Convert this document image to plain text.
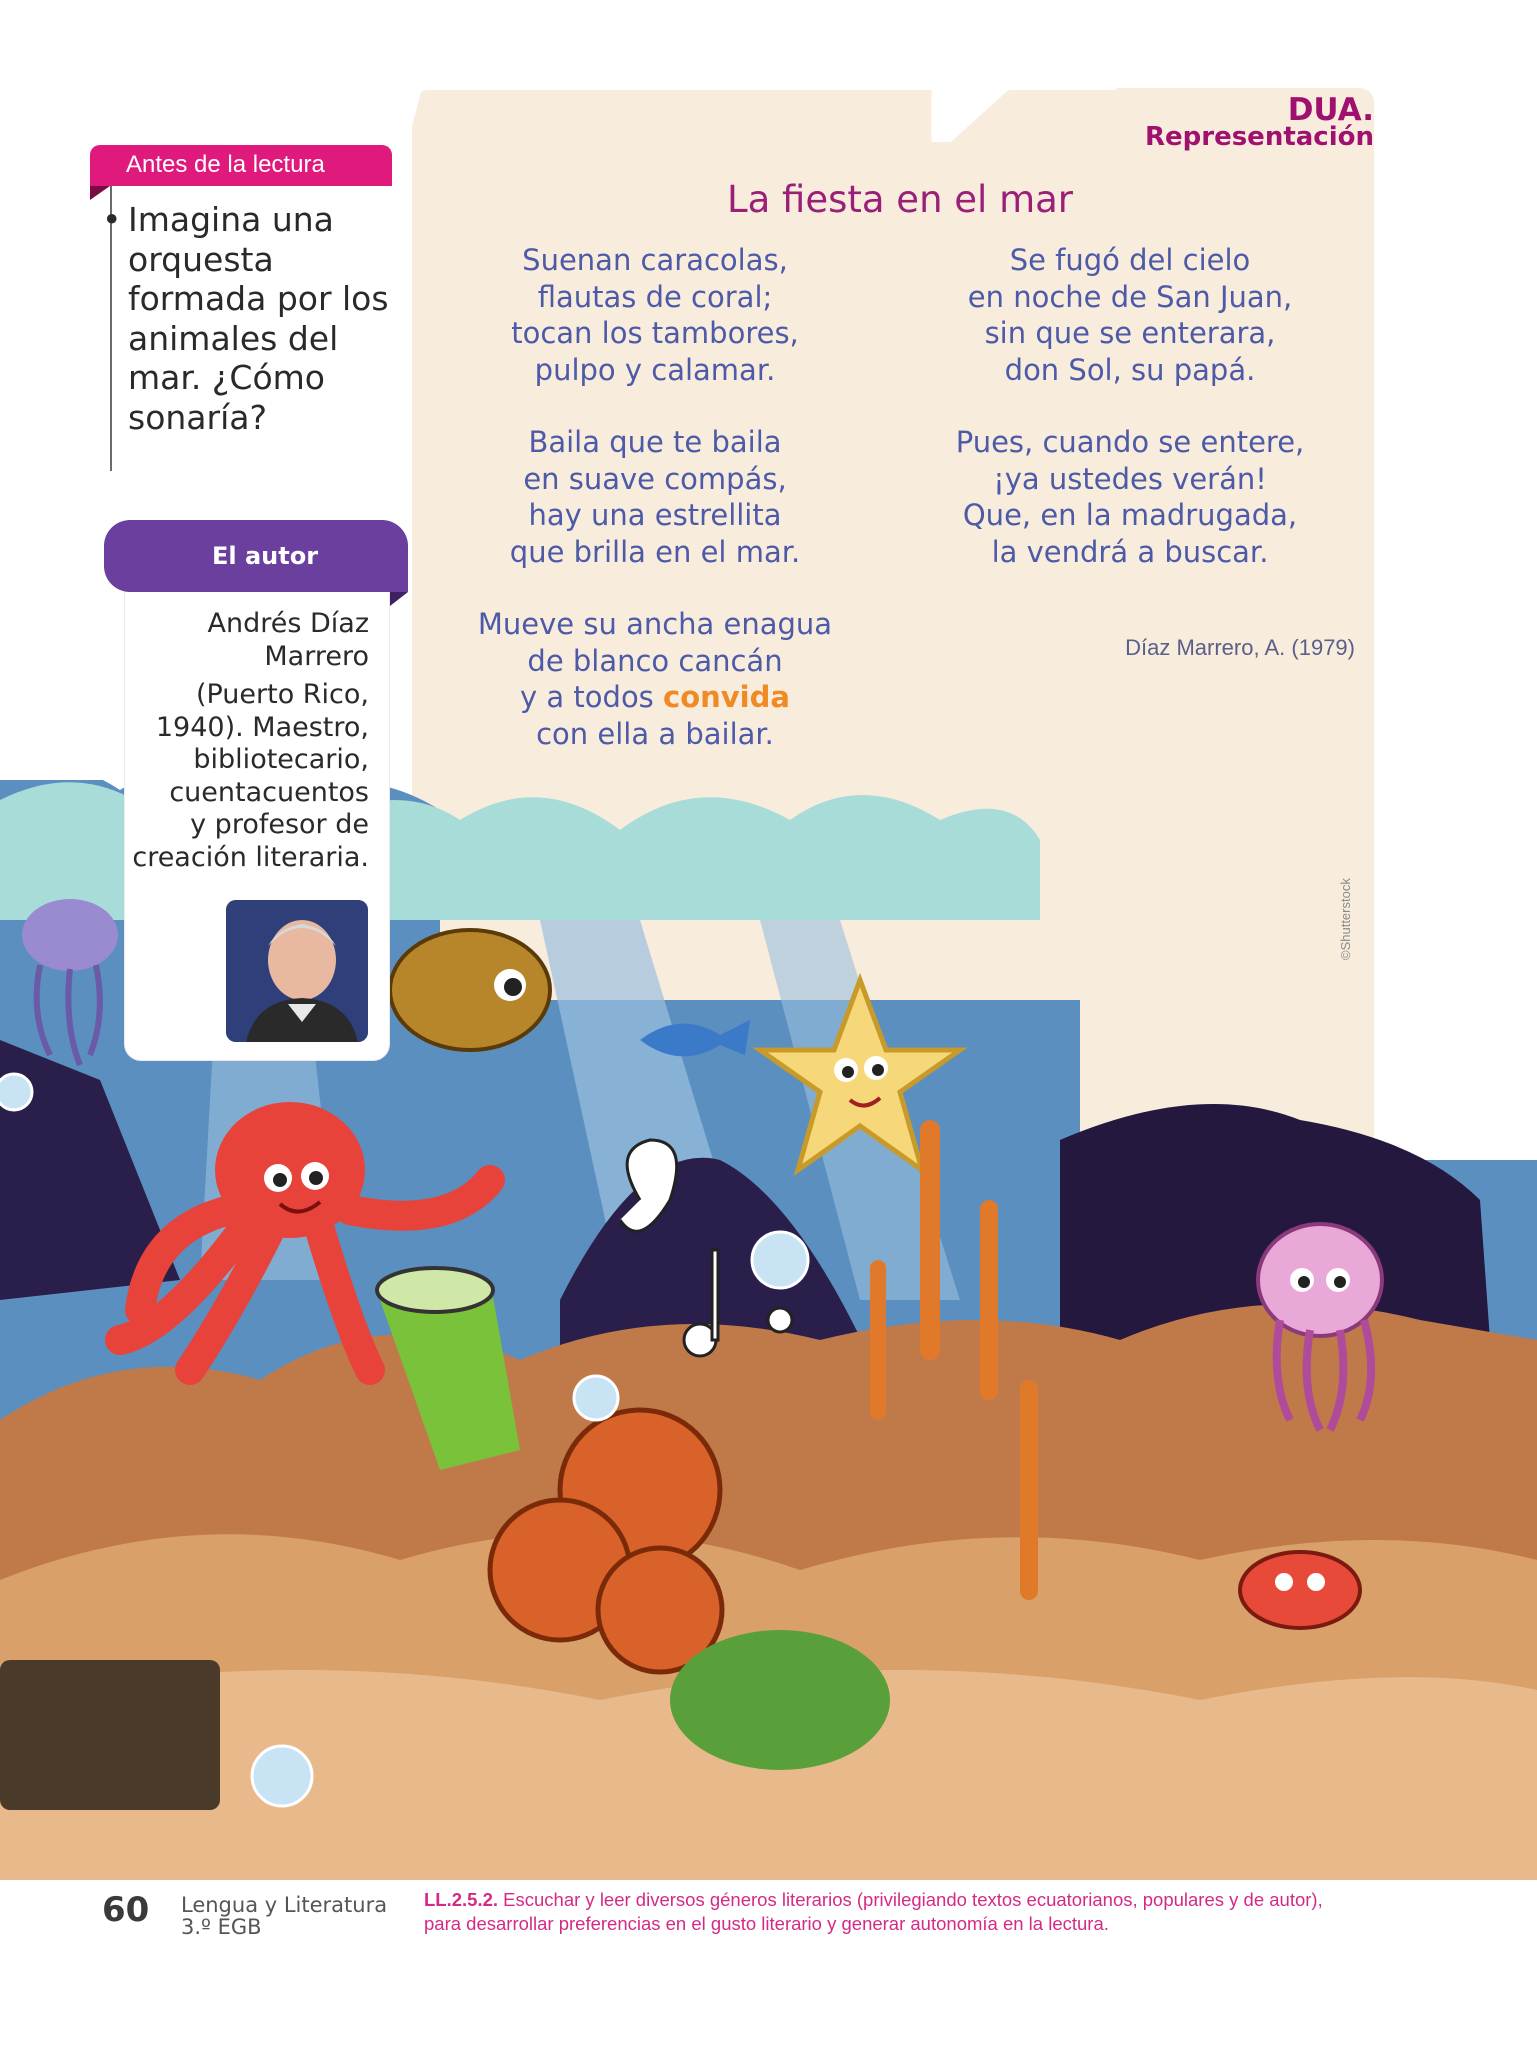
DUA.
Representación
La fiesta en el mar
Suenan caracolas,
flautas de coral;
tocan los tambores,
pulpo y calamar.
Baila que te baila
en suave compás,
hay una estrellita
que brilla en el mar.
Mueve su ancha enagua
de blanco cancán
y a todos convida
con ella a bailar.
Se fugó del cielo
en noche de San Juan,
sin que se enterara,
don Sol, su papá.
Pues, cuando se entere,
¡ya ustedes verán!
Que, en la madrugada,
la vendrá a buscar.
Díaz Marrero, A. (1979)
Antes de la lectura
• Imagina una orquesta formada por los animales del mar. ¿Cómo sonaría?
El autor
Andrés Díaz
Marrero
(Puerto Rico,
1940). Maestro,
bibliotecario,
cuentacuentos
y profesor de
creación literaria.
©Shutterstock
60 Lengua y Literatura
3.º EGB
LL.2.5.2. Escuchar y leer diversos géneros literarios (privilegiando textos ecuatorianos, populares y de autor), para desarrollar preferencias en el gusto literario y generar autonomía en la lectura.
